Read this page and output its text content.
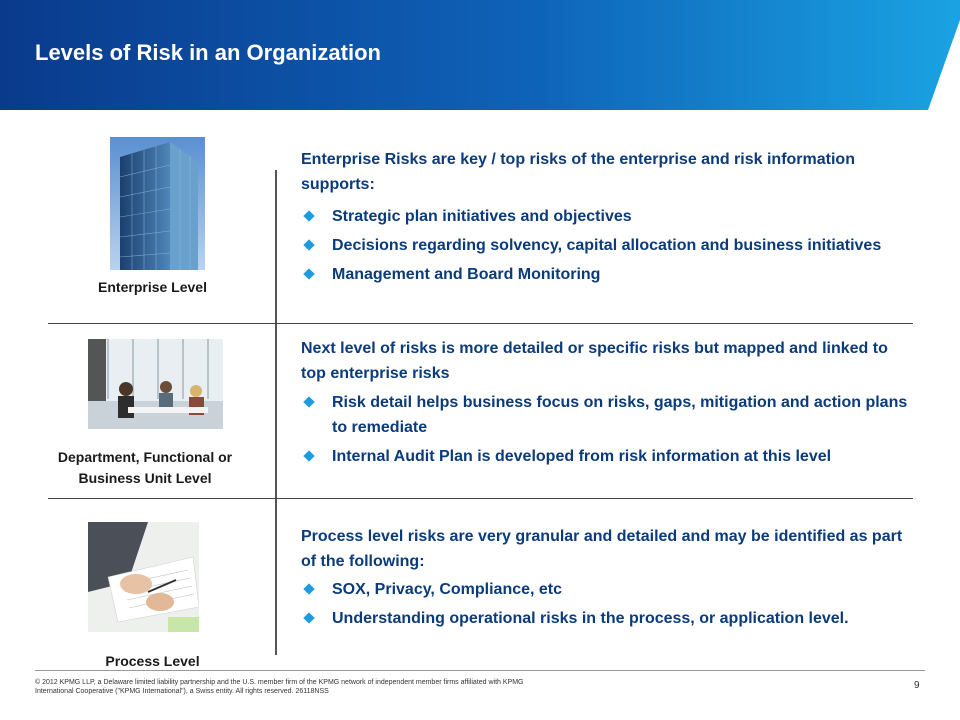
Levels of Risk in an Organization
Enterprise Level
Enterprise Risks are key / top risks of the enterprise and risk information supports:
Strategic plan initiatives and objectives
Decisions regarding solvency, capital allocation and business initiatives
Management and Board Monitoring
Department, Functional or Business Unit Level
Next level of risks is more detailed or specific risks but mapped and linked to top enterprise risks
Risk detail helps business focus on risks, gaps, mitigation and action plans to remediate
Internal Audit Plan is developed from risk information at this level
Process Level
Process level risks are very granular and detailed and may be identified as part of the following:
SOX, Privacy, Compliance, etc
Understanding operational risks in the process, or application level.
© 2012 KPMG LLP, a Delaware limited liability partnership and the U.S. member firm of the KPMG network of independent member firms affiliated with KPMG International Cooperative ("KPMG International"), a Swiss entity. All rights reserved. 26118NSS
9
